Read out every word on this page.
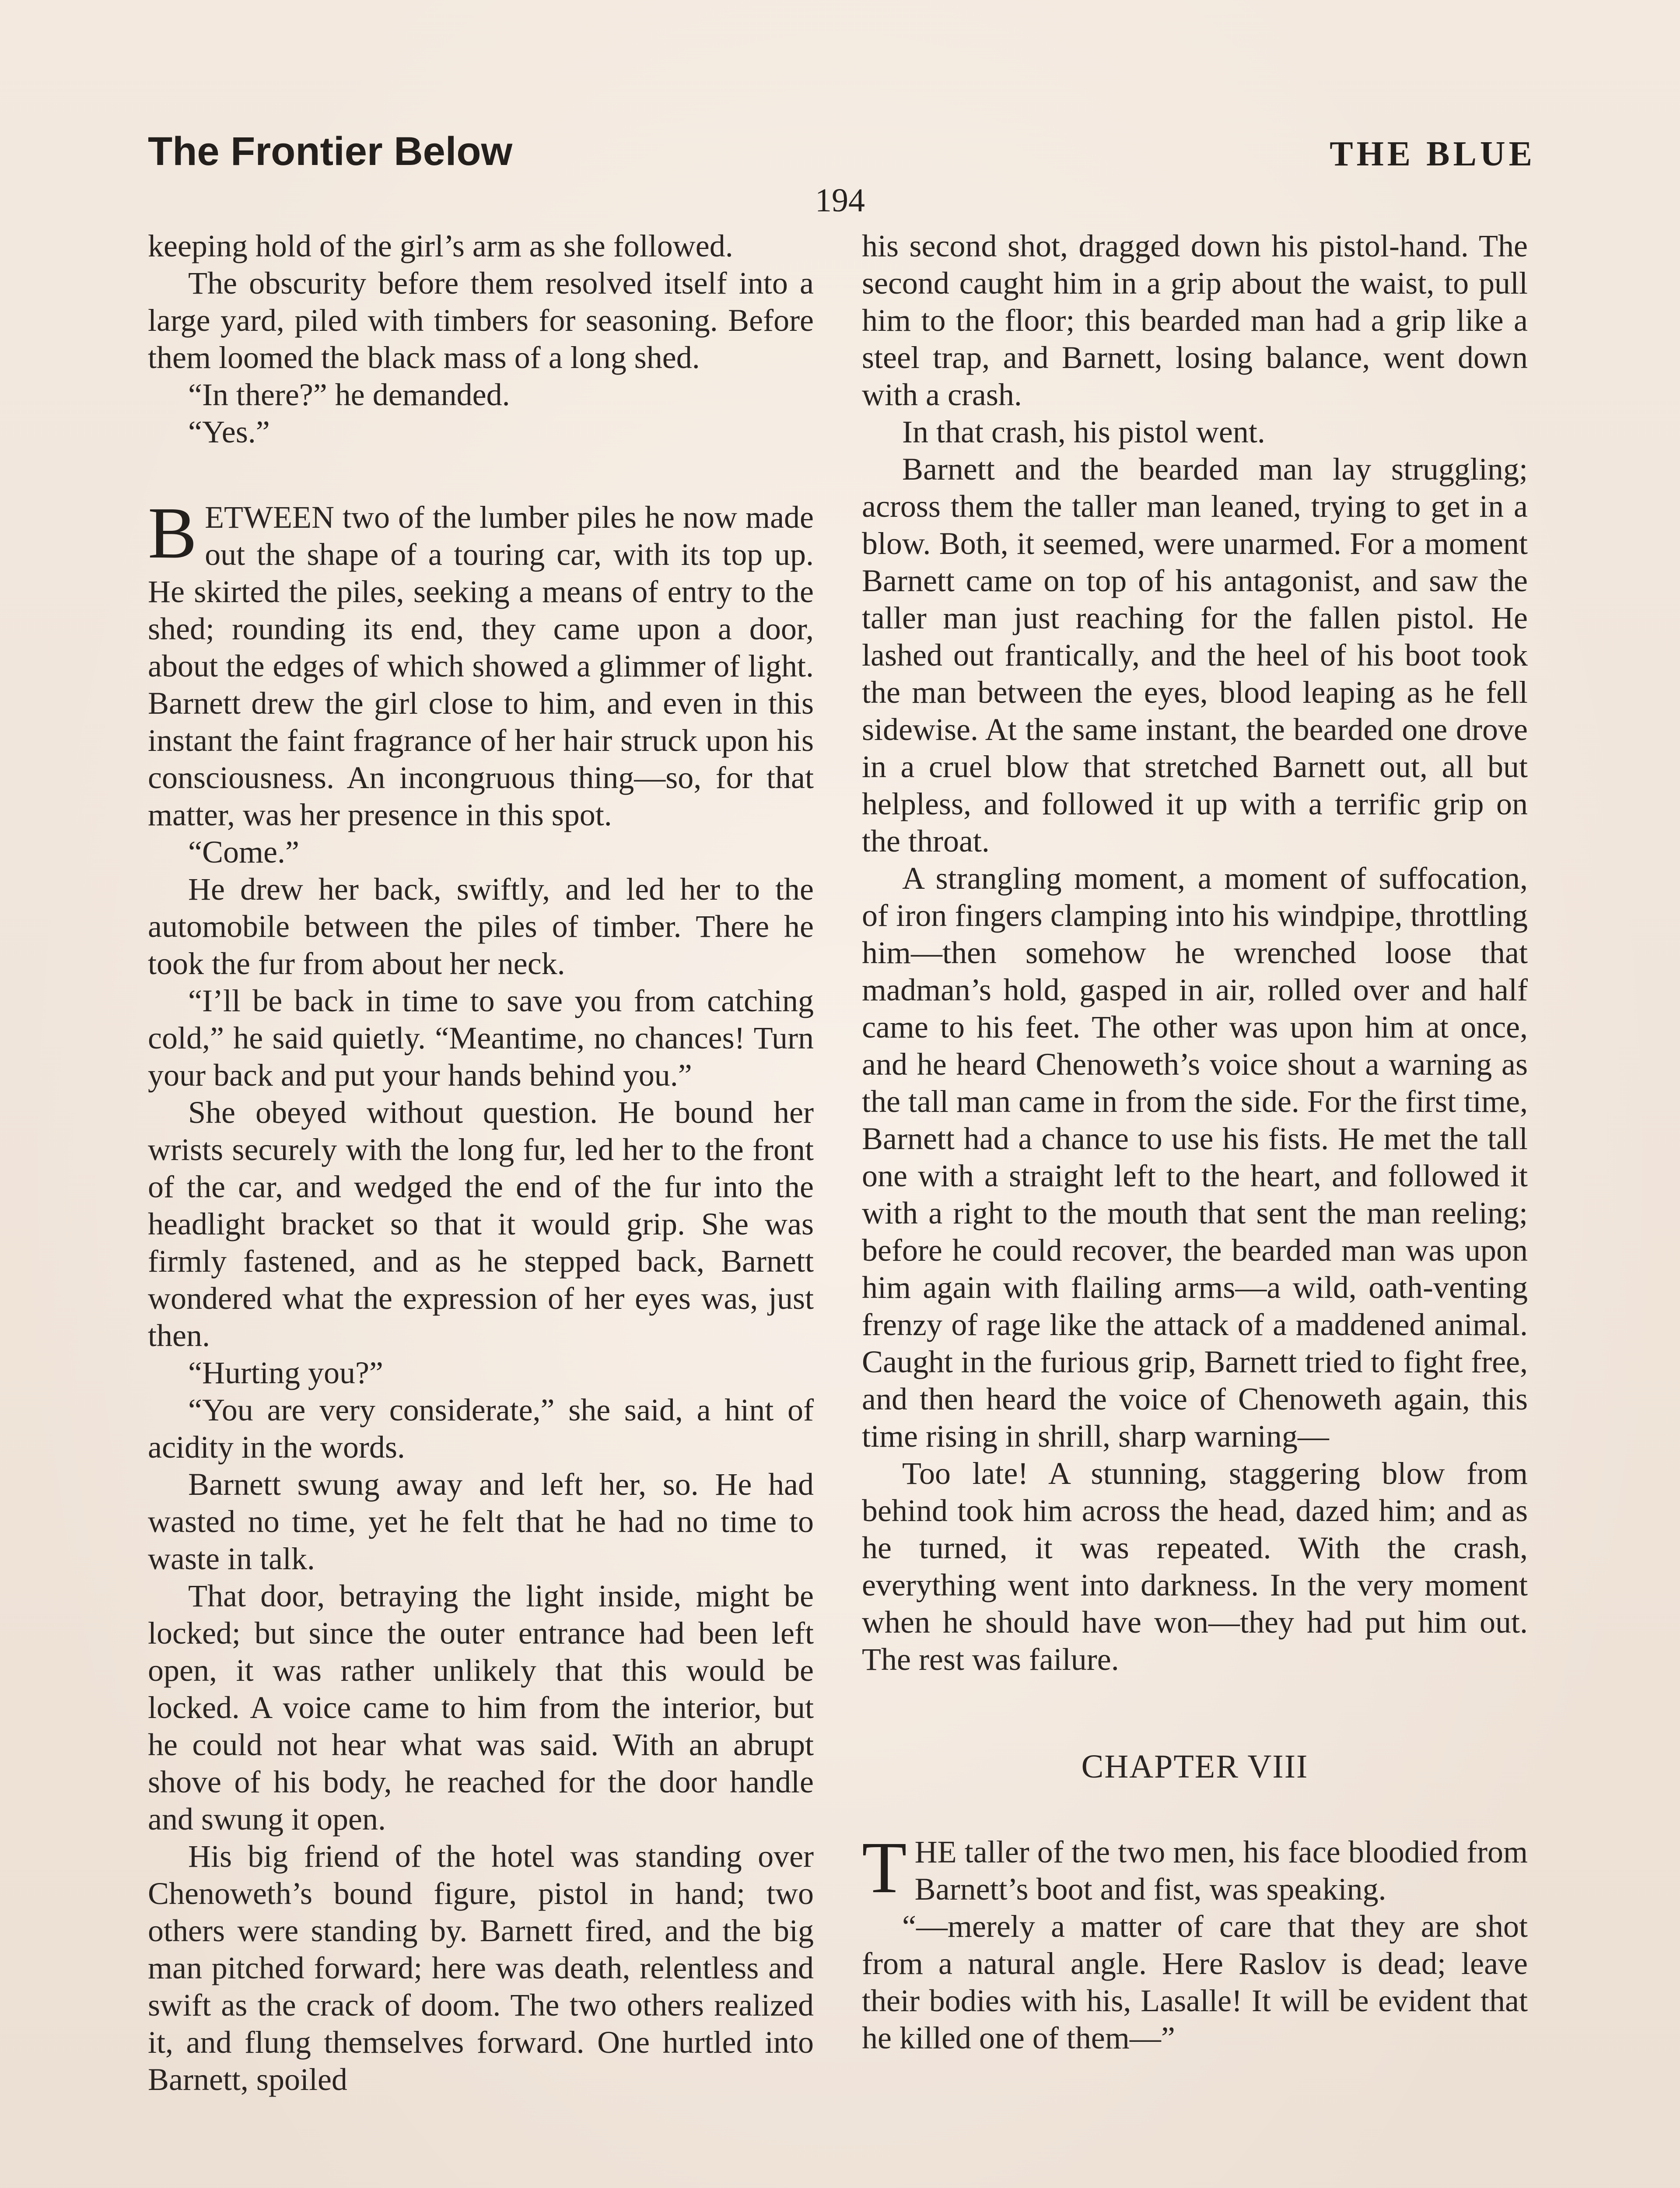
The Frontier Below	THE BLUE
194

keeping hold of the girl’s arm as she followed.

The obscurity before them resolved itself into a large yard, piled with timbers for seasoning. Before them loomed the black mass of a long shed.

“In there?” he demanded.

“Yes.”

BETWEEN two of the lumber piles he now made out the shape of a touring car, with its top up. He skirted the piles, seeking a means of entry to the shed; rounding its end, they came upon a door, about the edges of which showed a glimmer of light. Barnett drew the girl close to him, and even in this instant the faint fragrance of her hair struck upon his consciousness. An incongruous thing—so, for that matter, was her presence in this spot.

“Come.”

He drew her back, swiftly, and led her to the automobile between the piles of timber. There he took the fur from about her neck.

“I’ll be back in time to save you from catching cold,” he said quietly. “Meantime, no chances! Turn your back and put your hands behind you.”

She obeyed without question. He bound her wrists securely with the long fur, led her to the front of the car, and wedged the end of the fur into the headlight bracket so that it would grip. She was firmly fastened, and as he stepped back, Barnett wondered what the expression of her eyes was, just then.

“Hurting you?”

“You are very considerate,” she said, a hint of acidity in the words.

Barnett swung away and left her, so. He had wasted no time, yet he felt that he had no time to waste in talk.

That door, betraying the light inside, might be locked; but since the outer entrance had been left open, it was rather unlikely that this would be locked. A voice came to him from the interior, but he could not hear what was said. With an abrupt shove of his body, he reached for the door handle and swung it open.

His big friend of the hotel was standing over Chenoweth’s bound figure, pistol in hand; two others were standing by. Barnett fired, and the big man pitched forward; here was death, relentless and swift as the crack of doom. The two others realized it, and flung themselves forward. One hurtled into Barnett, spoiled

his second shot, dragged down his pistol-hand. The second caught him in a grip about the waist, to pull him to the floor; this bearded man had a grip like a steel trap, and Barnett, losing balance, went down with a crash.

In that crash, his pistol went.

Barnett and the bearded man lay struggling; across them the taller man leaned, trying to get in a blow. Both, it seemed, were unarmed. For a moment Barnett came on top of his antagonist, and saw the taller man just reaching for the fallen pistol. He lashed out frantically, and the heel of his boot took the man between the eyes, blood leaping as he fell sidewise. At the same instant, the bearded one drove in a cruel blow that stretched Barnett out, all but helpless, and followed it up with a terrific grip on the throat.

A strangling moment, a moment of suffocation, of iron fingers clamping into his windpipe, throttling him—then somehow he wrenched loose that madman’s hold, gasped in air, rolled over and half came to his feet. The other was upon him at once, and he heard Chenoweth’s voice shout a warning as the tall man came in from the side. For the first time, Barnett had a chance to use his fists. He met the tall one with a straight left to the heart, and followed it with a right to the mouth that sent the man reeling; before he could recover, the bearded man was upon him again with flailing arms—a wild, oath-venting frenzy of rage like the attack of a maddened animal. Caught in the furious grip, Barnett tried to fight free, and then heard the voice of Chenoweth again, this time rising in shrill, sharp warning—

Too late! A stunning, staggering blow from behind took him across the head, dazed him; and as he turned, it was repeated. With the crash, everything went into darkness. In the very moment when he should have won—they had put him out. The rest was failure.

CHAPTER VIII

THE taller of the two men, his face bloodied from Barnett’s boot and fist, was speaking.

“—merely a matter of care that they are shot from a natural angle. Here Raslov is dead; leave their bodies with his, Lasalle! It will be evident that he killed one of them—”
